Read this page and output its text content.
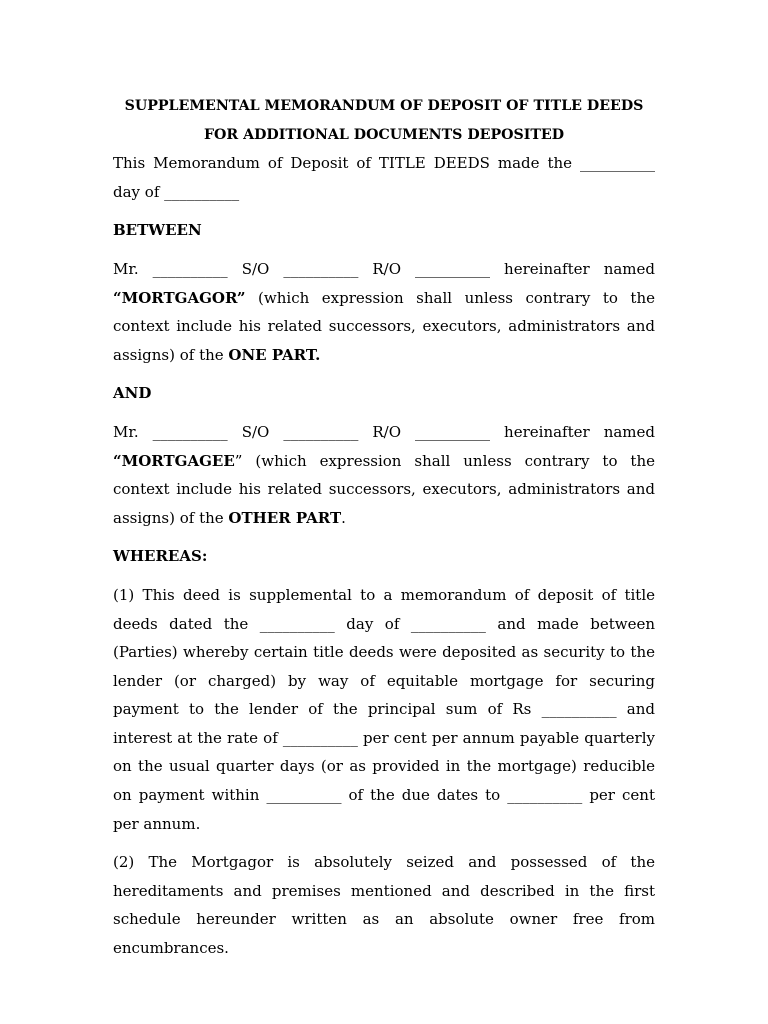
SUPPLEMENTAL MEMORANDUM OF DEPOSIT OF TITLE DEEDS
FOR ADDITIONAL DOCUMENTS DEPOSITED

This Memorandum of Deposit of TITLE DEEDS made the __________ day of __________

BETWEEN

Mr. __________ S/O __________ R/O __________ hereinafter named “MORTGAGOR” (which expression shall unless contrary to the context include his related successors, executors, administrators and assigns) of the ONE PART.

AND

Mr. __________ S/O __________ R/O __________ hereinafter named “MORTGAGEE” (which expression shall unless contrary to the context include his related successors, executors, administrators and assigns) of the OTHER PART.

WHEREAS:

(1) This deed is supplemental to a memorandum of deposit of title deeds dated the __________ day of __________ and made between (Parties) whereby certain title deeds were deposited as security to the lender (or charged) by way of equitable mortgage for securing payment to the lender of the principal sum of Rs __________ and interest at the rate of __________ per cent per annum payable quarterly on the usual quarter days (or as provided in the mortgage) reducible on payment within __________ of the due dates to __________ per cent per annum.

(2) The Mortgagor is absolutely seized and possessed of the hereditaments and premises mentioned and described in the first schedule hereunder written as an absolute owner free from encumbrances.
